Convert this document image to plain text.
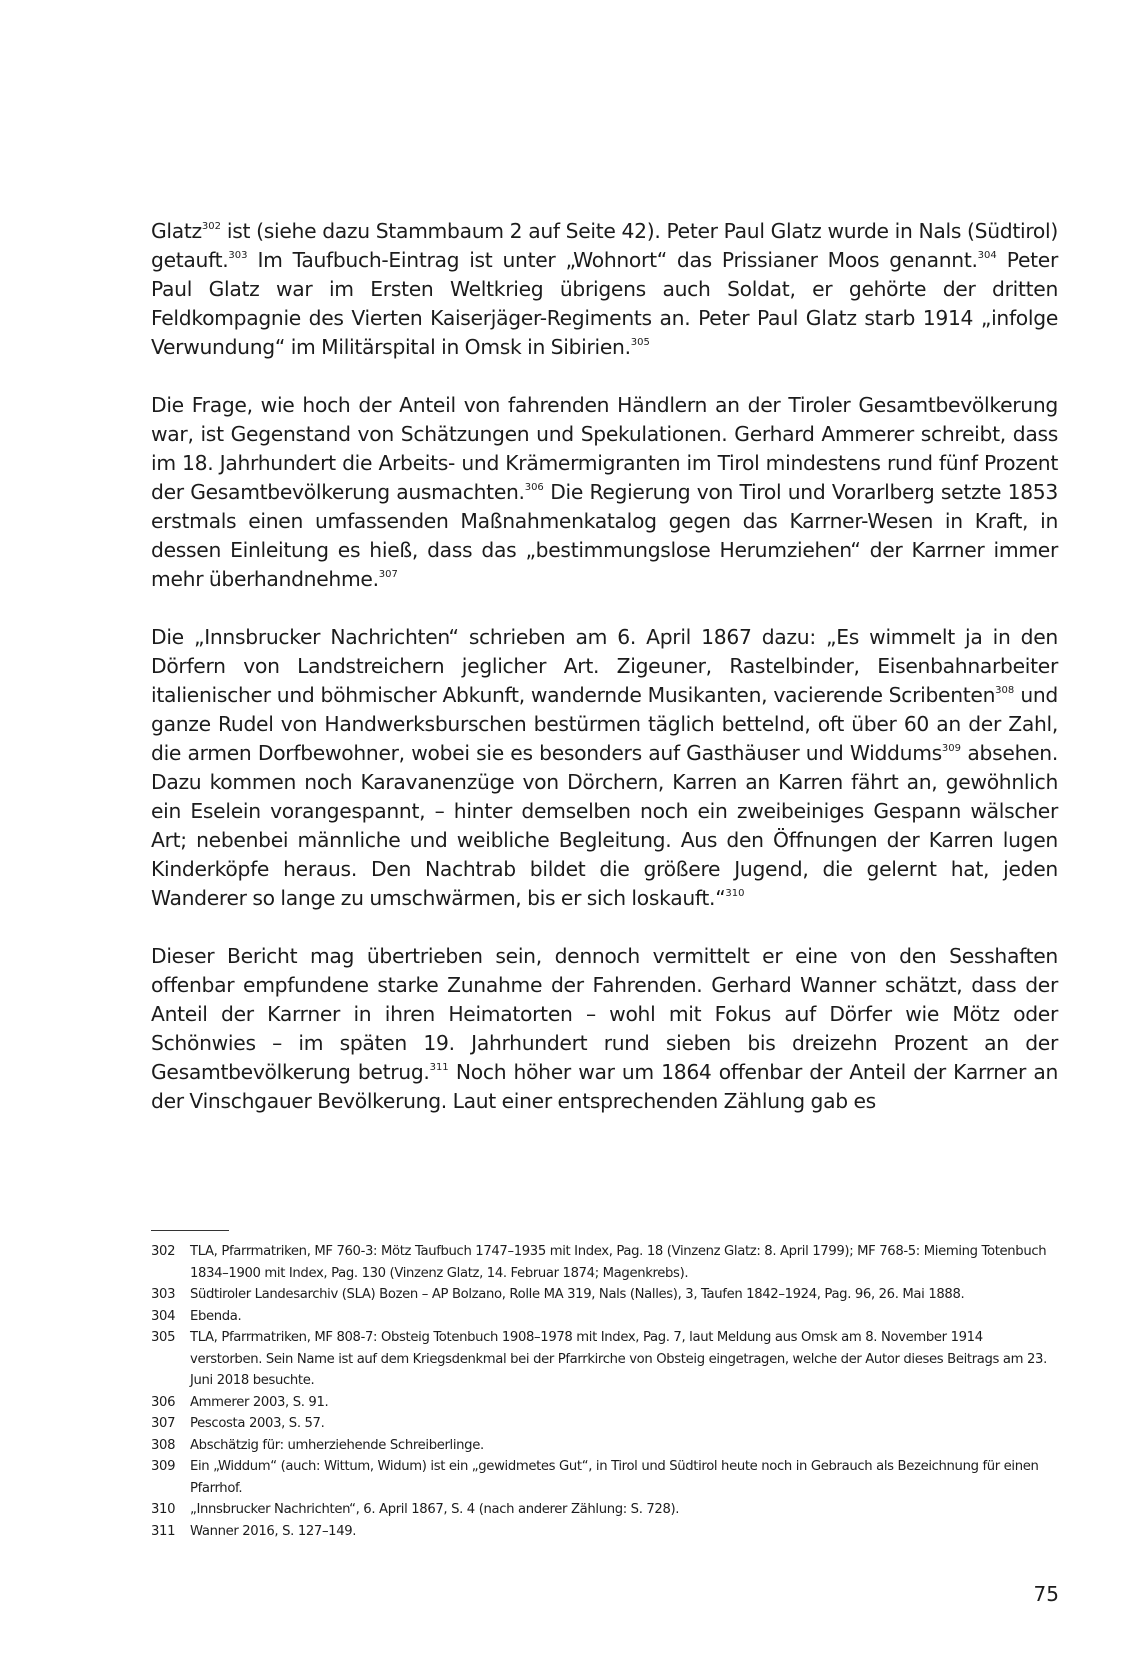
Glatz$^{302}$ ist (siehe dazu Stammbaum 2 auf Seite 42). Peter Paul Glatz wurde in Nals (Südtirol) getauft.$^{303}$ Im Taufbuch-Eintrag ist unter „Wohnort“ das Prissianer Moos genannt.$^{304}$ Peter Paul Glatz war im Ersten Weltkrieg übrigens auch Soldat, er gehörte der dritten Feldkompagnie des Vierten Kaiserjäger-Regiments an. Peter Paul Glatz starb 1914 „infolge Verwundung“ im Militärspital in Omsk in Sibirien.$^{305}$

Die Frage, wie hoch der Anteil von fahrenden Händlern an der Tiroler Gesamtbevölkerung war, ist Gegenstand von Schätzungen und Spekulationen. Gerhard Ammerer schreibt, dass im 18. Jahrhundert die Arbeits- und Krämermigranten im Tirol mindestens rund fünf Prozent der Gesamtbevölkerung ausmachten.$^{306}$ Die Regierung von Tirol und Vorarlberg setzte 1853 erstmals einen umfassenden Maßnahmenkatalog gegen das Karrner-Wesen in Kraft, in dessen Einleitung es hieß, dass das „bestimmungslose Herumziehen“ der Karrner immer mehr überhandnehme.$^{307}$

Die „Innsbrucker Nachrichten“ schrieben am 6. April 1867 dazu: „Es wimmelt ja in den Dörfern von Landstreichern jeglicher Art. Zigeuner, Rastelbinder, Eisenbahnarbeiter italienischer und böhmischer Abkunft, wandernde Musikanten, vacierende Scribenten$^{308}$ und ganze Rudel von Handwerksburschen bestürmen täglich bettelnd, oft über 60 an der Zahl, die armen Dorfbewohner, wobei sie es besonders auf Gasthäuser und Widdums$^{309}$ absehen. Dazu kommen noch Karavanenzüge von Dörchern, Karren an Karren fährt an, gewöhnlich ein Eselein vorangespannt, – hinter demselben noch ein zweibeiniges Gespann wälscher Art; nebenbei männliche und weibliche Begleitung. Aus den Öffnungen der Karren lugen Kinderköpfe heraus. Den Nachtrab bildet die größere Jugend, die gelernt hat, jeden Wanderer so lange zu umschwärmen, bis er sich loskauft.“$^{310}$

Dieser Bericht mag übertrieben sein, dennoch vermittelt er eine von den Sesshaften offenbar empfundene starke Zunahme der Fahrenden. Gerhard Wanner schätzt, dass der Anteil der Karrner in ihren Heimatorten – wohl mit Fokus auf Dörfer wie Mötz oder Schönwies – im späten 19. Jahrhundert rund sieben bis dreizehn Prozent an der Gesamtbevölkerung betrug.$^{311}$ Noch höher war um 1864 offenbar der Anteil der Karrner an der Vinschgauer Bevölkerung. Laut einer entsprechenden Zählung gab es

302	TLA, Pfarrmatriken, MF 760-3: Mötz Taufbuch 1747–1935 mit Index, Pag. 18 (Vinzenz Glatz: 8. April 1799); MF 768-5: Mieming Totenbuch 1834–1900 mit Index, Pag. 130 (Vinzenz Glatz, 14. Februar 1874; Magenkrebs).
303	Südtiroler Landesarchiv (SLA) Bozen – AP Bolzano, Rolle MA 319, Nals (Nalles), 3, Taufen 1842–1924, Pag. 96, 26. Mai 1888.
304	Ebenda.
305	TLA, Pfarrmatriken, MF 808-7: Obsteig Totenbuch 1908–1978 mit Index, Pag. 7, laut Meldung aus Omsk am 8. November 1914 verstorben. Sein Name ist auf dem Kriegsdenkmal bei der Pfarrkirche von Obsteig eingetragen, welche der Autor dieses Beitrags am 23. Juni 2018 besuchte.
306	Ammerer 2003, S. 91.
307	Pescosta 2003, S. 57.
308	Abschätzig für: umherziehende Schreiberlinge.
309	Ein „Widdum“ (auch: Wittum, Widum) ist ein „gewidmetes Gut“, in Tirol und Südtirol heute noch in Gebrauch als Bezeichnung für einen Pfarrhof.
310	„Innsbrucker Nachrichten“, 6. April 1867, S. 4 (nach anderer Zählung: S. 728).
311	Wanner 2016, S. 127–149.
75
